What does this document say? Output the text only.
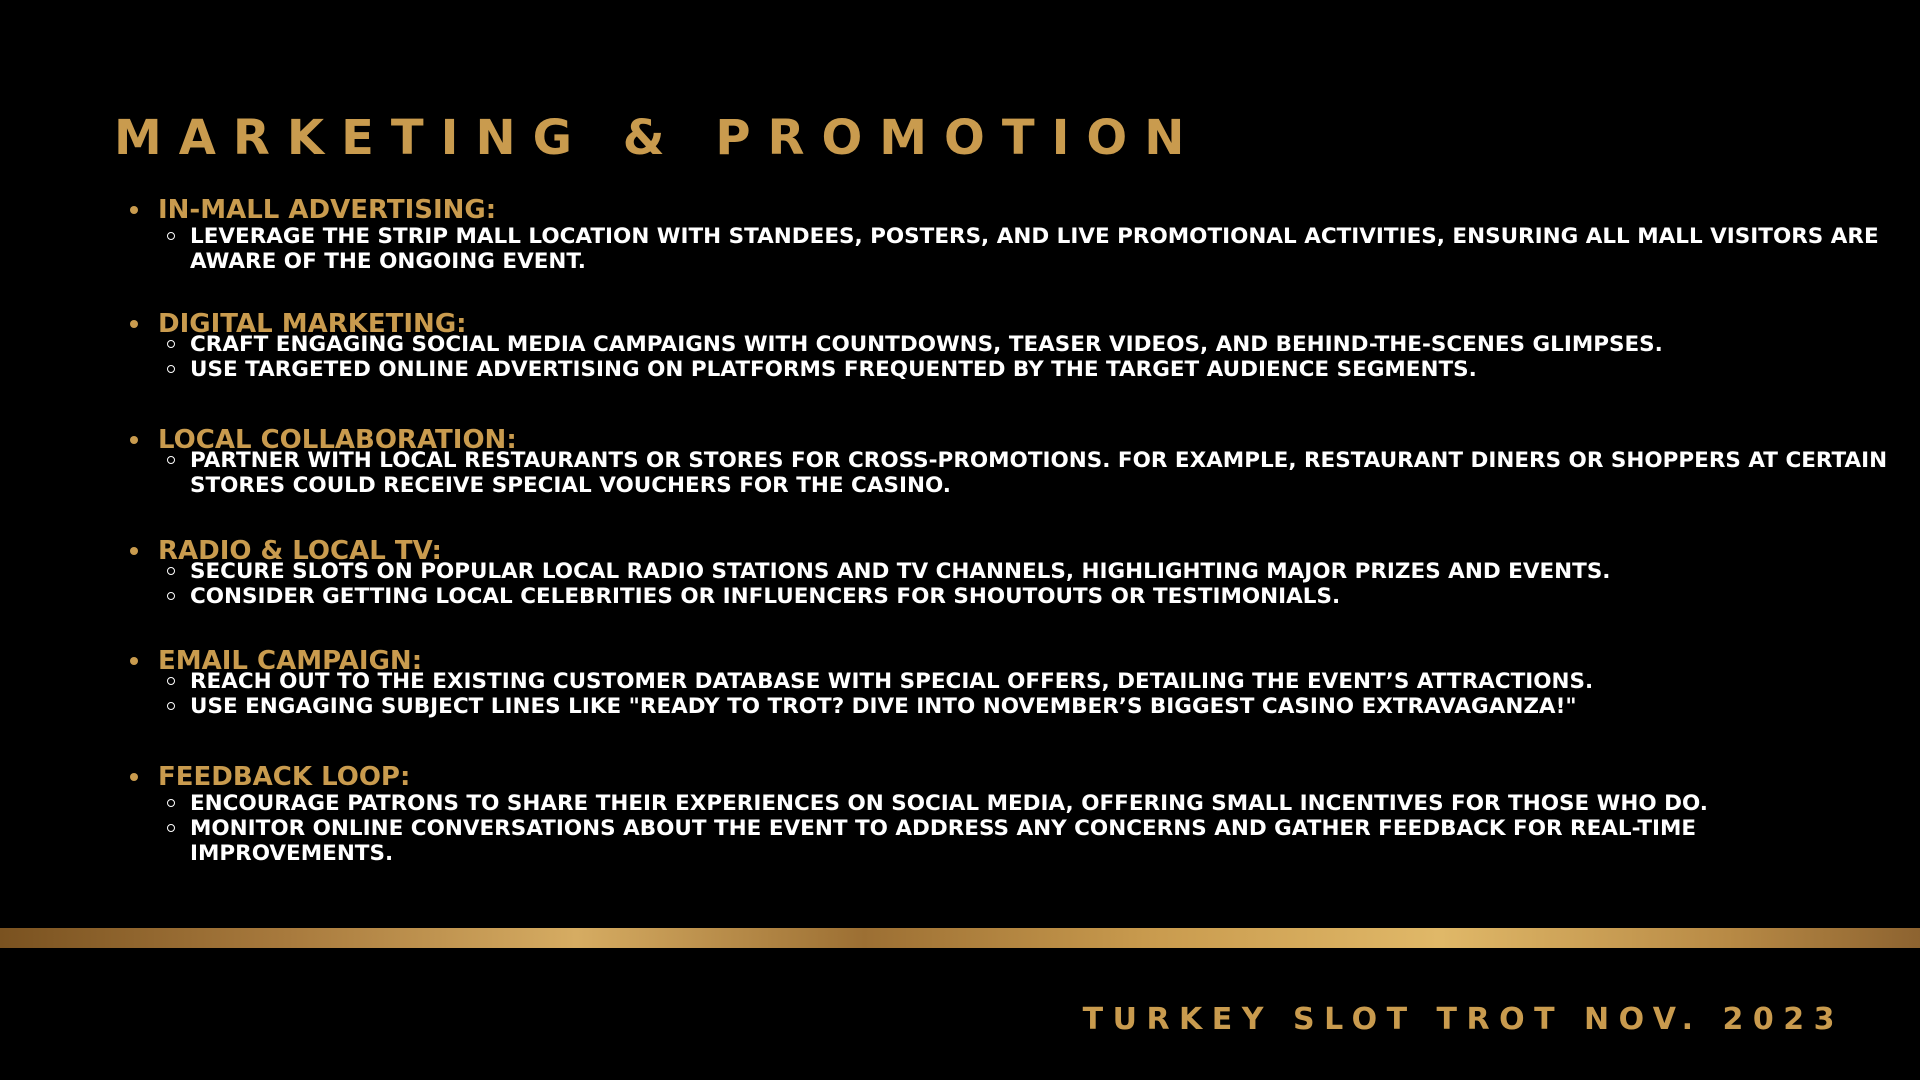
MARKETING & PROMOTION
IN-MALL ADVERTISING:
LEVERAGE THE STRIP MALL LOCATION WITH STANDEES, POSTERS, AND LIVE PROMOTIONAL ACTIVITIES, ENSURING ALL MALL VISITORS ARE AWARE OF THE ONGOING EVENT.
DIGITAL MARKETING:
CRAFT ENGAGING SOCIAL MEDIA CAMPAIGNS WITH COUNTDOWNS, TEASER VIDEOS, AND BEHIND-THE-SCENES GLIMPSES.
USE TARGETED ONLINE ADVERTISING ON PLATFORMS FREQUENTED BY THE TARGET AUDIENCE SEGMENTS.
LOCAL COLLABORATION:
PARTNER WITH LOCAL RESTAURANTS OR STORES FOR CROSS-PROMOTIONS. FOR EXAMPLE, RESTAURANT DINERS OR SHOPPERS AT CERTAIN STORES COULD RECEIVE SPECIAL VOUCHERS FOR THE CASINO.
RADIO & LOCAL TV:
SECURE SLOTS ON POPULAR LOCAL RADIO STATIONS AND TV CHANNELS, HIGHLIGHTING MAJOR PRIZES AND EVENTS.
CONSIDER GETTING LOCAL CELEBRITIES OR INFLUENCERS FOR SHOUTOUTS OR TESTIMONIALS.
EMAIL CAMPAIGN:
REACH OUT TO THE EXISTING CUSTOMER DATABASE WITH SPECIAL OFFERS, DETAILING THE EVENT’S ATTRACTIONS.
USE ENGAGING SUBJECT LINES LIKE "READY TO TROT? DIVE INTO NOVEMBER’S BIGGEST CASINO EXTRAVAGANZA!"
FEEDBACK LOOP:
ENCOURAGE PATRONS TO SHARE THEIR EXPERIENCES ON SOCIAL MEDIA, OFFERING SMALL INCENTIVES FOR THOSE WHO DO.
MONITOR ONLINE CONVERSATIONS ABOUT THE EVENT TO ADDRESS ANY CONCERNS AND GATHER FEEDBACK FOR REAL-TIME IMPROVEMENTS.
TURKEY SLOT TROT NOV. 2023
